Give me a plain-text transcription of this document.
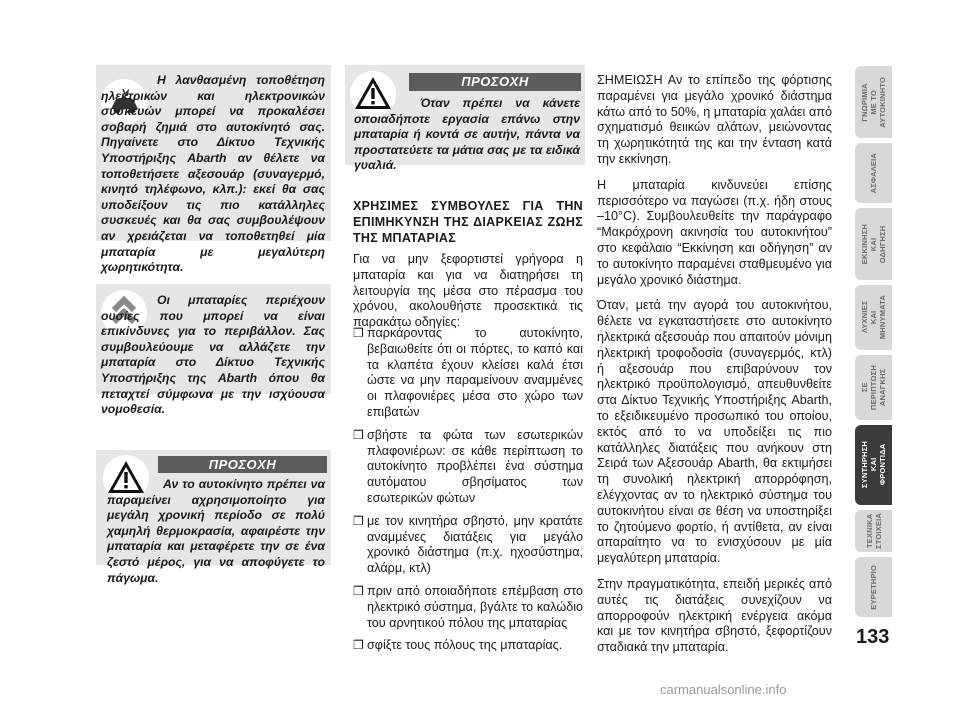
Η λανθασμένη τοποθέτηση ηλεκτρικών και ηλεκτρονικών συσκευών μπορεί να προκαλέσει σοβαρή ζημιά στο αυτοκίνητό σας. Πηγαίνετε στο Δίκτυο Τεχνικής Υποστήριξης Abarth αν θέλετε να τοποθετήσετε αξεσουάρ (συναγερμό, κινητό τηλέφωνο, κλπ.): εκεί θα σας υποδείξουν τις πιο κατάλληλες συσκευές και θα σας συμβουλέψουν αν χρειάζεται να τοποθετηθεί μία μπαταρία με μεγαλύτερη χωρητικότητα.
Οι μπαταρίες περιέχουν ουσίες που μπορεί να είναι επικίνδυνες για το περιβάλλον. Σας συμβουλεύουμε να αλλάζετε την μπαταρία στο Δίκτυο Τεχνικής Υποστήριξης της Abarth όπου θα πεταχτεί σύμφωνα με την ισχύουσα νομοθεσία.
ΠΡΟΣΟΧΗ
Αν το αυτοκίνητο πρέπει να παραμείνει αχρησιμοποίητο για μεγάλη χρονική περίοδο σε πολύ χαμηλή θερμοκρασία, αφαιρέστε την μπαταρία και μεταφέρετε την σε ένα ζεστό μέρος, για να αποφύγετε το πάγωμα.
ΠΡΟΣΟΧΗ
Όταν πρέπει να κάνετε οποιαδήποτε εργασία επάνω στην μπαταρία ή κοντά σε αυτήν, πάντα να προστατεύετε τα μάτια σας με τα ειδικά γυαλιά.
ΧΡΗΣΙΜΕΣ ΣΥΜΒΟΥΛΕΣ ΓΙΑ ΤΗΝ ΕΠΙΜΗΚΥΝΣΗ ΤΗΣ ΔΙΑΡΚΕΙΑΣ ΖΩΗΣ ΤΗΣ ΜΠΑΤΑΡΙΑΣ
Για να μην ξεφορτιστεί γρήγορα η μπαταρία και για να διατηρήσει τη λειτουργία της μέσα στο πέρασμα του χρόνου, ακολουθήστε προσεκτικά τις παρακάτω οδηγίες:
❒ παρκάροντας το αυτοκίνητο, βεβαιωθείτε ότι οι πόρτες, το καπό και τα κλαπέτα έχουν κλείσει καλά έτσι ώστε να μην παραμείνουν αναμμένες οι πλαφονιέρες μέσα στο χώρο των επιβατών
❒ σβήστε τα φώτα των εσωτερικών πλαφονιέρων: σε κάθε περίπτωση το αυτοκίνητο προβλέπει ένα σύστημα αυτόματου σβησίματος των εσωτερικών φώτων
❒ με τον κινητήρα σβηστό, μην κρατάτε αναμμένες διατάξεις για μεγάλο χρονικό διάστημα (π.χ. ηχοσύστημα, αλάρμ, κτλ)
❒ πριν από οποιαδήποτε επέμβαση στο ηλεκτρικό σύστημα, βγάλτε το καλώδιο του αρνητικού πόλου της μπαταρίας
❒ σφίξτε τους πόλους της μπαταρίας.

ΣΗΜΕΙΩΣΗ Αν το επίπεδο της φόρτισης παραμένει για μεγάλο χρονικό διάστημα κάτω από το 50%, η μπαταρία χαλάει από σχηματισμό θειικών αλάτων, μειώνοντας τη χωρητικότητά της και την ένταση κατά την εκκίνηση.

Η μπαταρία κινδυνεύει επίσης περισσότερο να παγώσει (π.χ. ήδη στους –10°C). Συμβουλευθείτε την παράγραφο “Μακρόχρονη ακινησία του αυτοκινήτου” στο κεφάλαιο “Εκκίνηση και οδήγηση” αν το αυτοκίνητο παραμένει σταθμευμένο για μεγάλο χρονικό διάστημα.

Όταν, μετά την αγορά του αυτοκινήτου, θέλετε να εγκαταστήσετε στο αυτοκίνητο ηλεκτρικά αξεσουάρ που απαιτούν μόνιμη ηλεκτρική τροφοδοσία (συναγερμός, κτλ) ή αξεσουάρ που επιβαρύνουν τον ηλεκτρικό προϋπολογισμό, απευθυνθείτε στα Δίκτυο Τεχνικής Υποστήριξης Abarth, το εξειδικευμένο προσωπικό του οποίου, εκτός από το να υποδείξει τις πιο κατάλληλες διατάξεις που ανήκουν στη Σειρά των Αξεσουάρ Abarth, θα εκτιμήσει τη συνολική ηλεκτρική απορρόφηση, ελέγχοντας αν το ηλεκτρικό σύστημα του αυτοκινήτου είναι σε θέση να υποστηρίξει το ζητούμενο φορτίο, ή αντίθετα, αν είναι απαραίτητο να το ενισχύσουν με μία μεγαλύτερη μπαταρία.

Στην πραγματικότητα, επειδή μερικές από αυτές τις διατάξεις συνεχίζουν να απορροφούν ηλεκτρική ενέργεια ακόμα και με τον κινητήρα σβηστό, ξεφορτίζουν σταδιακά την μπαταρία.

ΓΝΩΡΙΜΙΑ
ΜΕ ΤΟ
ΑΥΤΟΚΙΝΗΤΟ
ΑΣΦΑΛΕΙΑ
ΕΚΚΙΝΗΣΗ
ΚΑΙ
ΟΔΗΓΗΣΗ
ΛΥΧΝΙΕΣ
ΚΑΙ
ΜΗΝΥΜΑΤΑ
ΣΕ
ΠΕΡΙΠΤΩΣΗ
ΑΝΑΓΚΗΣ
ΣΥΝΤΗΡΗΣΗ
ΚΑΙ
ΦΡΟΝΤΙΔΑ
ΤΕΧΝΙΚΑ
ΣΤΟΙΧΕΙΑ
ΕΥΡΕΤΗΡΙΟ
133
carmanualsonline.info
